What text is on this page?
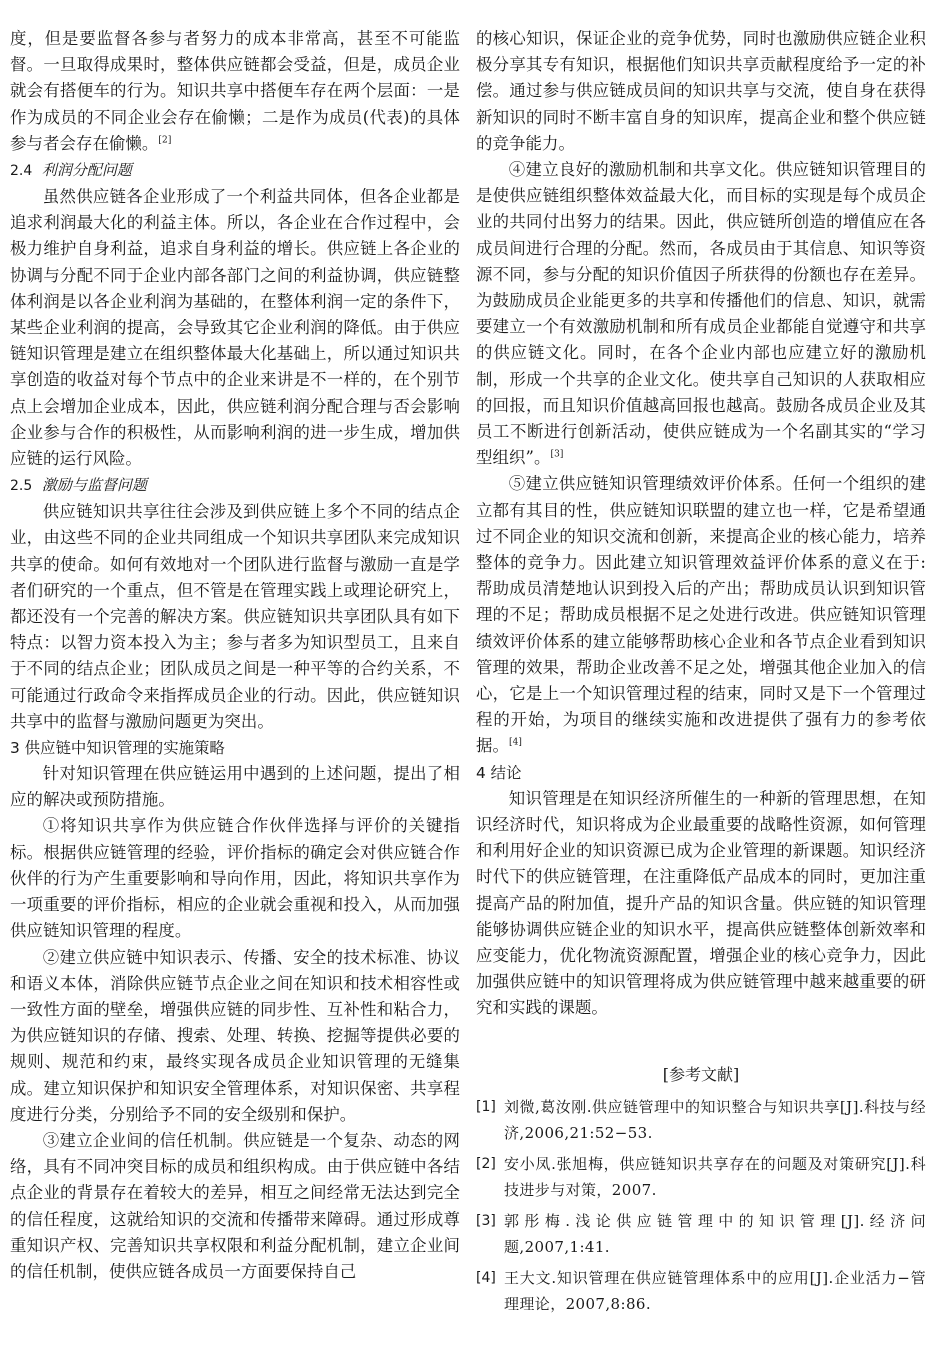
度，但是要监督各参与者努力的成本非常高，甚至不可能监督。一旦取得成果时，整体供应链都会受益，但是，成员企业就会有搭便车的行为。知识共享中搭便车存在两个层面：一是作为成员的不同企业会存在偷懒；二是作为成员(代表)的具体参与者会存在偷懒。[2]

2.4 利润分配问题

虽然供应链各企业形成了一个利益共同体，但各企业都是追求利润最大化的利益主体。所以，各企业在合作过程中，会极力维护自身利益，追求自身利益的增长。供应链上各企业的协调与分配不同于企业内部各部门之间的利益协调，供应链整体利润是以各企业利润为基础的，在整体利润一定的条件下，某些企业利润的提高，会导致其它企业利润的降低。由于供应链知识管理是建立在组织整体最大化基础上，所以通过知识共享创造的收益对每个节点中的企业来讲是不一样的，在个别节点上会增加企业成本，因此，供应链利润分配合理与否会影响企业参与合作的积极性，从而影响利润的进一步生成，增加供应链的运行风险。

2.5 激励与监督问题

供应链知识共享往往会涉及到供应链上多个不同的结点企业，由这些不同的企业共同组成一个知识共享团队来完成知识共享的使命。如何有效地对一个团队进行监督与激励一直是学者们研究的一个重点，但不管是在管理实践上或理论研究上，都还没有一个完善的解决方案。供应链知识共享团队具有如下特点：以智力资本投入为主；参与者多为知识型员工，且来自于不同的结点企业；团队成员之间是一种平等的合约关系，不可能通过行政命令来指挥成员企业的行动。因此，供应链知识共享中的监督与激励问题更为突出。

3 供应链中知识管理的实施策略

针对知识管理在供应链运用中遇到的上述问题，提出了相应的解决或预防措施。

①将知识共享作为供应链合作伙伴选择与评价的关键指标。根据供应链管理的经验，评价指标的确定会对供应链合作伙伴的行为产生重要影响和导向作用，因此，将知识共享作为一项重要的评价指标，相应的企业就会重视和投入，从而加强供应链知识管理的程度。

②建立供应链中知识表示、传播、安全的技术标准、协议和语义本体，消除供应链节点企业之间在知识和技术相容性或一致性方面的壁垒，增强供应链的同步性、互补性和粘合力，为供应链知识的存储、搜索、处理、转换、挖掘等提供必要的规则、规范和约束，最终实现各成员企业知识管理的无缝集成。建立知识保护和知识安全管理体系，对知识保密、共享程度进行分类，分别给予不同的安全级别和保护。

③建立企业间的信任机制。供应链是一个复杂、动态的网络，具有不同冲突目标的成员和组织构成。由于供应链中各结点企业的背景存在着较大的差异，相互之间经常无法达到完全的信任程度，这就给知识的交流和传播带来障碍。通过形成尊重知识产权、完善知识共享权限和利益分配机制，建立企业间的信任机制，使供应链各成员一方面要保持自己

的核心知识，保证企业的竞争优势，同时也激励供应链企业积极分享其专有知识，根据他们知识共享贡献程度给予一定的补偿。通过参与供应链成员间的知识共享与交流，使自身在获得新知识的同时不断丰富自身的知识库，提高企业和整个供应链的竞争能力。

④建立良好的激励机制和共享文化。供应链知识管理目的是使供应链组织整体效益最大化，而目标的实现是每个成员企业的共同付出努力的结果。因此，供应链所创造的增值应在各成员间进行合理的分配。然而，各成员由于其信息、知识等资源不同，参与分配的知识价值因子所获得的份额也存在差异。为鼓励成员企业能更多的共享和传播他们的信息、知识，就需要建立一个有效激励机制和所有成员企业都能自觉遵守和共享的供应链文化。同时，在各个企业内部也应建立好的激励机制，形成一个共享的企业文化。使共享自己知识的人获取相应的回报，而且知识价值越高回报也越高。鼓励各成员企业及其员工不断进行创新活动，使供应链成为一个名副其实的“学习型组织”。[3]

⑤建立供应链知识管理绩效评价体系。任何一个组织的建立都有其目的性，供应链知识联盟的建立也一样，它是希望通过不同企业的知识交流和创新，来提高企业的核心能力，培养整体的竞争力。因此建立知识管理效益评价体系的意义在于:帮助成员清楚地认识到投入后的产出；帮助成员认识到知识管理的不足；帮助成员根据不足之处进行改进。供应链知识管理绩效评价体系的建立能够帮助核心企业和各节点企业看到知识管理的效果，帮助企业改善不足之处，增强其他企业加入的信心，它是上一个知识管理过程的结束，同时又是下一个管理过程的开始，为项目的继续实施和改进提供了强有力的参考依据。[4]

4 结论

知识管理是在知识经济所催生的一种新的管理思想，在知识经济时代，知识将成为企业最重要的战略性资源，如何管理和利用好企业的知识资源已成为企业管理的新课题。知识经济时代下的供应链管理，在注重降低产品成本的同时，更加注重提高产品的附加值，提升产品的知识含量。供应链的知识管理能够协调供应链企业的知识水平，提高供应链整体创新效率和应变能力，优化物流资源配置，增强企业的核心竞争力，因此加强供应链中的知识管理将成为供应链管理中越来越重要的研究和实践的课题。

[参考文献]
[1] 刘微,葛汝刚.供应链管理中的知识整合与知识共享[J].科技与经济,2006,21:52−53.
[2] 安小凤.张旭梅，供应链知识共享存在的问题及对策研究[J].科技进步与对策，2007.
[3] 郭彤梅.浅论供应链管理中的知识管理[J].经济问题,2007,1:41.
[4] 王大文.知识管理在供应链管理体系中的应用[J].企业活力−管理理论，2007,8:86.
